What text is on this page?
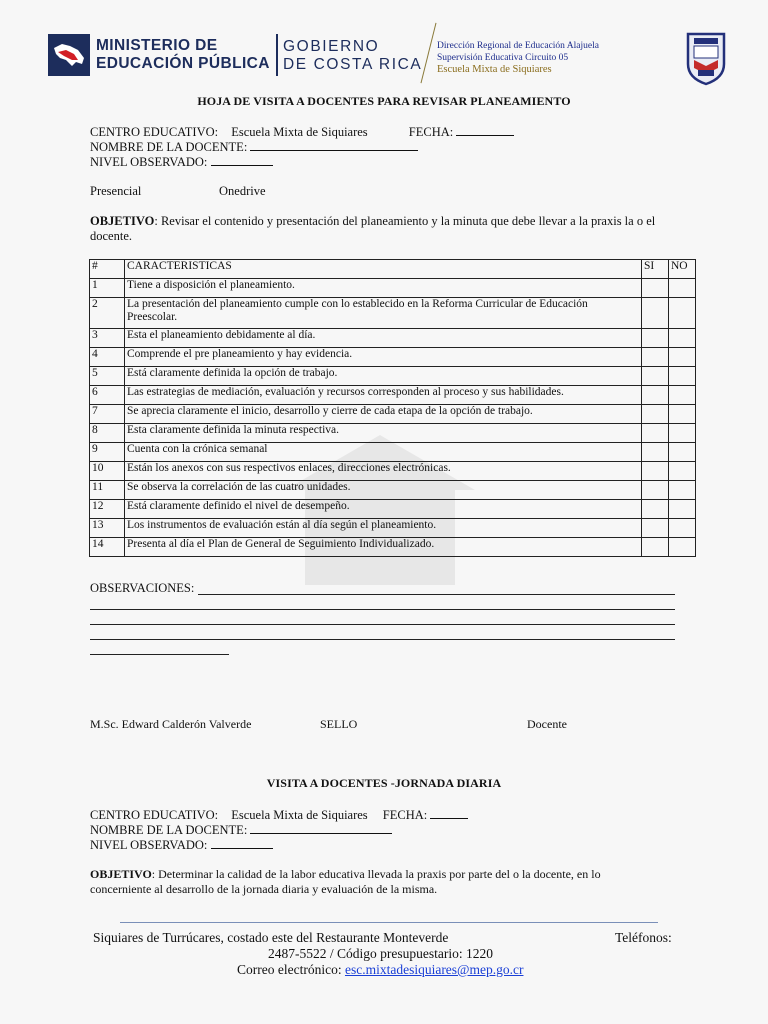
MINISTERIO DE
EDUCACIÓN PÚBLICA
GOBIERNO
DE COSTA RICA
Dirección Regional de Educación Alajuela
Supervisión Educativa Circuito 05
Escuela Mixta de Siquiares
HOJA DE VISITA A DOCENTES PARA REVISAR PLANEAMIENTO
CENTRO EDUCATIVO: Escuela Mixta de Siquiares	FECHA:
NOMBRE DE LA DOCENTE:
NIVEL OBSERVADO:
Presencial	Onedrive
OBJETIVO: Revisar el contenido y presentación del planeamiento y la minuta que debe llevar a la praxis la o el docente.
#	CARACTERISTICAS	SI	NO
1	Tiene a disposición el planeamiento.		
2	La presentación del planeamiento cumple con lo establecido en la Reforma Curricular de Educación Preescolar.		
3	Esta el planeamiento debidamente al día.		
4	Comprende el pre planeamiento y hay evidencia.		
5	Está claramente definida la opción de trabajo.		
6	Las estrategias de mediación, evaluación y recursos corresponden al proceso y sus habilidades.		
7	Se aprecia claramente el inicio, desarrollo y cierre de cada etapa de la opción de trabajo.		
8	Esta claramente definida la minuta respectiva.		
9	Cuenta con la crónica semanal		
10	Están los anexos con sus respectivos enlaces, direcciones electrónicas.		
11	Se observa la correlación de las cuatro unidades.		
12	Está claramente definido el nivel de desempeño.		
13	Los instrumentos de evaluación están al día según el planeamiento.		
14	Presenta al día el Plan de General de Seguimiento Individualizado.		
OBSERVACIONES:
M.Sc. Edward Calderón Valverde	SELLO	Docente
VISITA A DOCENTES -JORNADA DIARIA
CENTRO EDUCATIVO: Escuela Mixta de Siquiares FECHA:
NOMBRE DE LA DOCENTE:
NIVEL OBSERVADO:
OBJETIVO: Determinar la calidad de la labor educativa llevada la praxis por parte del o la docente, en lo concerniente al desarrollo de la jornada diaria y evaluación de la misma.
Siquiares de Turrúcares, costado este del Restaurante Monteverde	Teléfonos:
2487-5522 / Código presupuestario: 1220
Correo electrónico: esc.mixtadesiquiares@mep.go.cr
